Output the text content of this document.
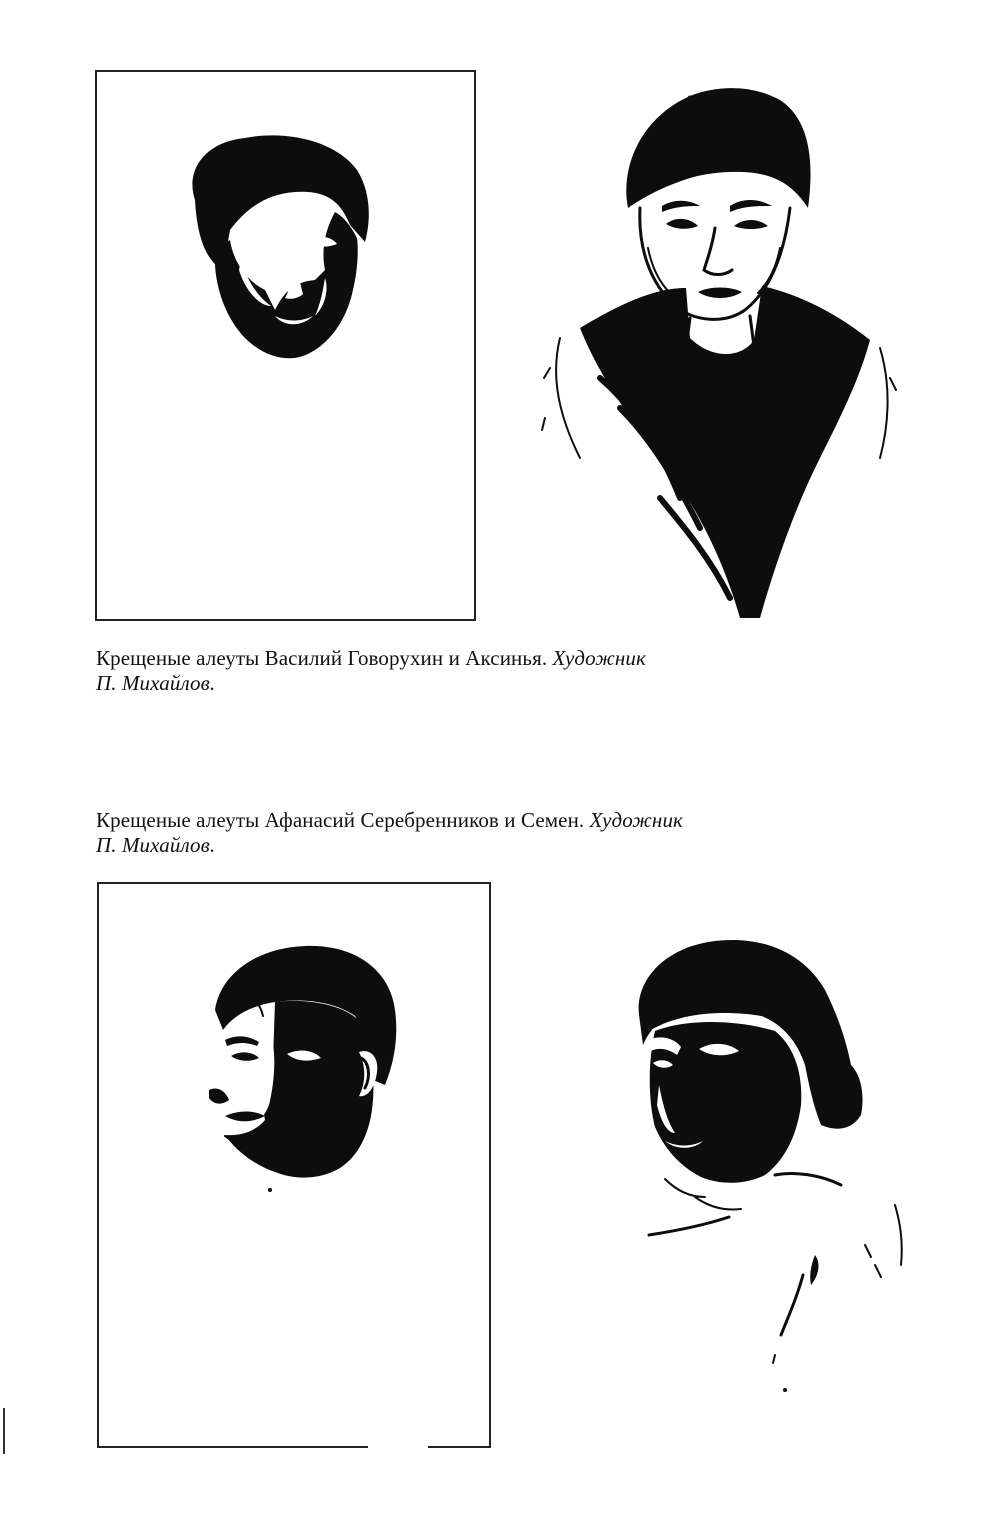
Крещеные алеуты Василий Говорухин и Аксинья. Художник
П. Михайлов.
Крещеные алеуты Афанасий Серебренников и Семен. Художник
П. Михайлов.
